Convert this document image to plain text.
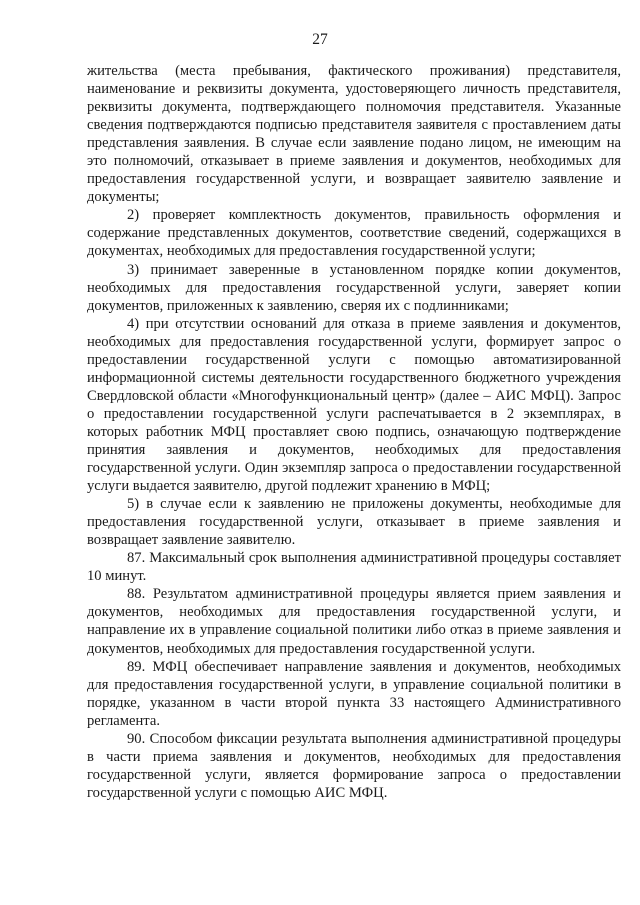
27

жительства (места пребывания, фактического проживания) представителя, наименование и реквизиты документа, удостоверяющего личность представителя, реквизиты документа, подтверждающего полномочия представителя. Указанные сведения подтверждаются подписью представителя заявителя с проставлением даты представления заявления. В случае если заявление подано лицом, не имеющим на это полномочий, отказывает в приеме заявления и документов, необходимых для предоставления государственной услуги, и возвращает заявителю заявление и документы;

2) проверяет комплектность документов, правильность оформления и содержание представленных документов, соответствие сведений, содержащихся в документах, необходимых для предоставления государственной услуги;

3) принимает заверенные в установленном порядке копии документов, необходимых для предоставления государственной услуги, заверяет копии документов, приложенных к заявлению, сверяя их с подлинниками;

4) при отсутствии оснований для отказа в приеме заявления и документов, необходимых для предоставления государственной услуги, формирует запрос о предоставлении государственной услуги с помощью автоматизированной информационной системы деятельности государственного бюджетного учреждения Свердловской области «Многофункциональный центр» (далее – АИС МФЦ). Запрос о предоставлении государственной услуги распечатывается в 2 экземплярах, в которых работник МФЦ проставляет свою подпись, означающую подтверждение принятия заявления и документов, необходимых для предоставления государственной услуги. Один экземпляр запроса о предоставлении государственной услуги выдается заявителю, другой подлежит хранению в МФЦ;

5) в случае если к заявлению не приложены документы, необходимые для предоставления государственной услуги, отказывает в приеме заявления и возвращает заявление заявителю.

87. Максимальный срок выполнения административной процедуры составляет 10 минут.

88. Результатом административной процедуры является прием заявления и документов, необходимых для предоставления государственной услуги, и направление их в управление социальной политики либо отказ в приеме заявления и документов, необходимых для предоставления государственной услуги.

89. МФЦ обеспечивает направление заявления и документов, необходимых для предоставления государственной услуги, в управление социальной политики в порядке, указанном в части второй пункта 33 настоящего Административного регламента.

90. Способом фиксации результата выполнения административной процедуры в части приема заявления и документов, необходимых для предоставления государственной услуги, является формирование запроса о предоставлении государственной услуги с помощью АИС МФЦ.
